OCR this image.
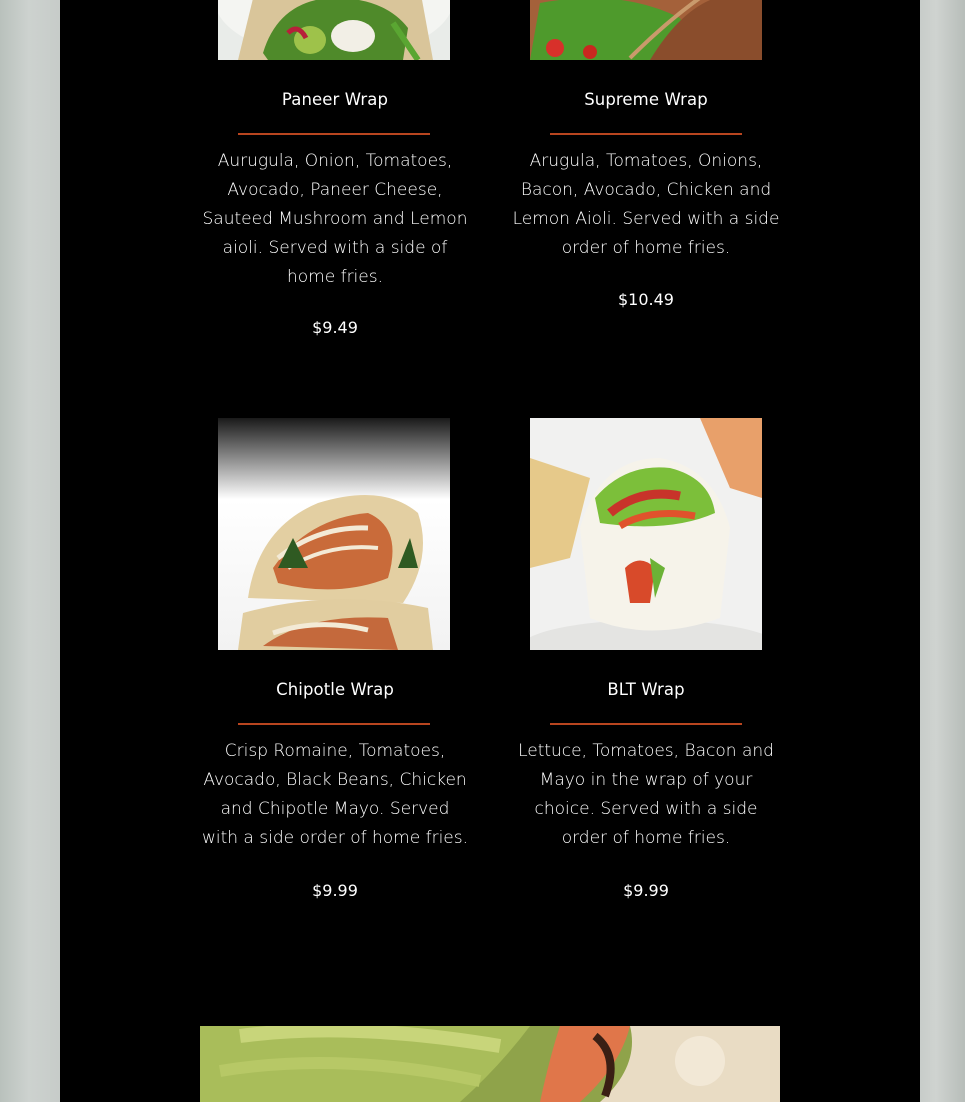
Paneer Wrap
Aurugula, Onion, Tomatoes, Avocado, Paneer Cheese, Sauteed Mushroom and Lemon aioli. Served with a side of home fries.
$9.49
Supreme Wrap
Arugula, Tomatoes, Onions, Bacon, Avocado, Chicken and Lemon Aioli. Served with a side order of home fries.
$10.49
Chipotle Wrap
Crisp Romaine, Tomatoes, Avocado, Black Beans, Chicken and Chipotle Mayo. Served with a side order of home fries.
$9.99
BLT Wrap
Lettuce, Tomatoes, Bacon and Mayo in the wrap of your choice. Served with a side order of home fries.
$9.99
